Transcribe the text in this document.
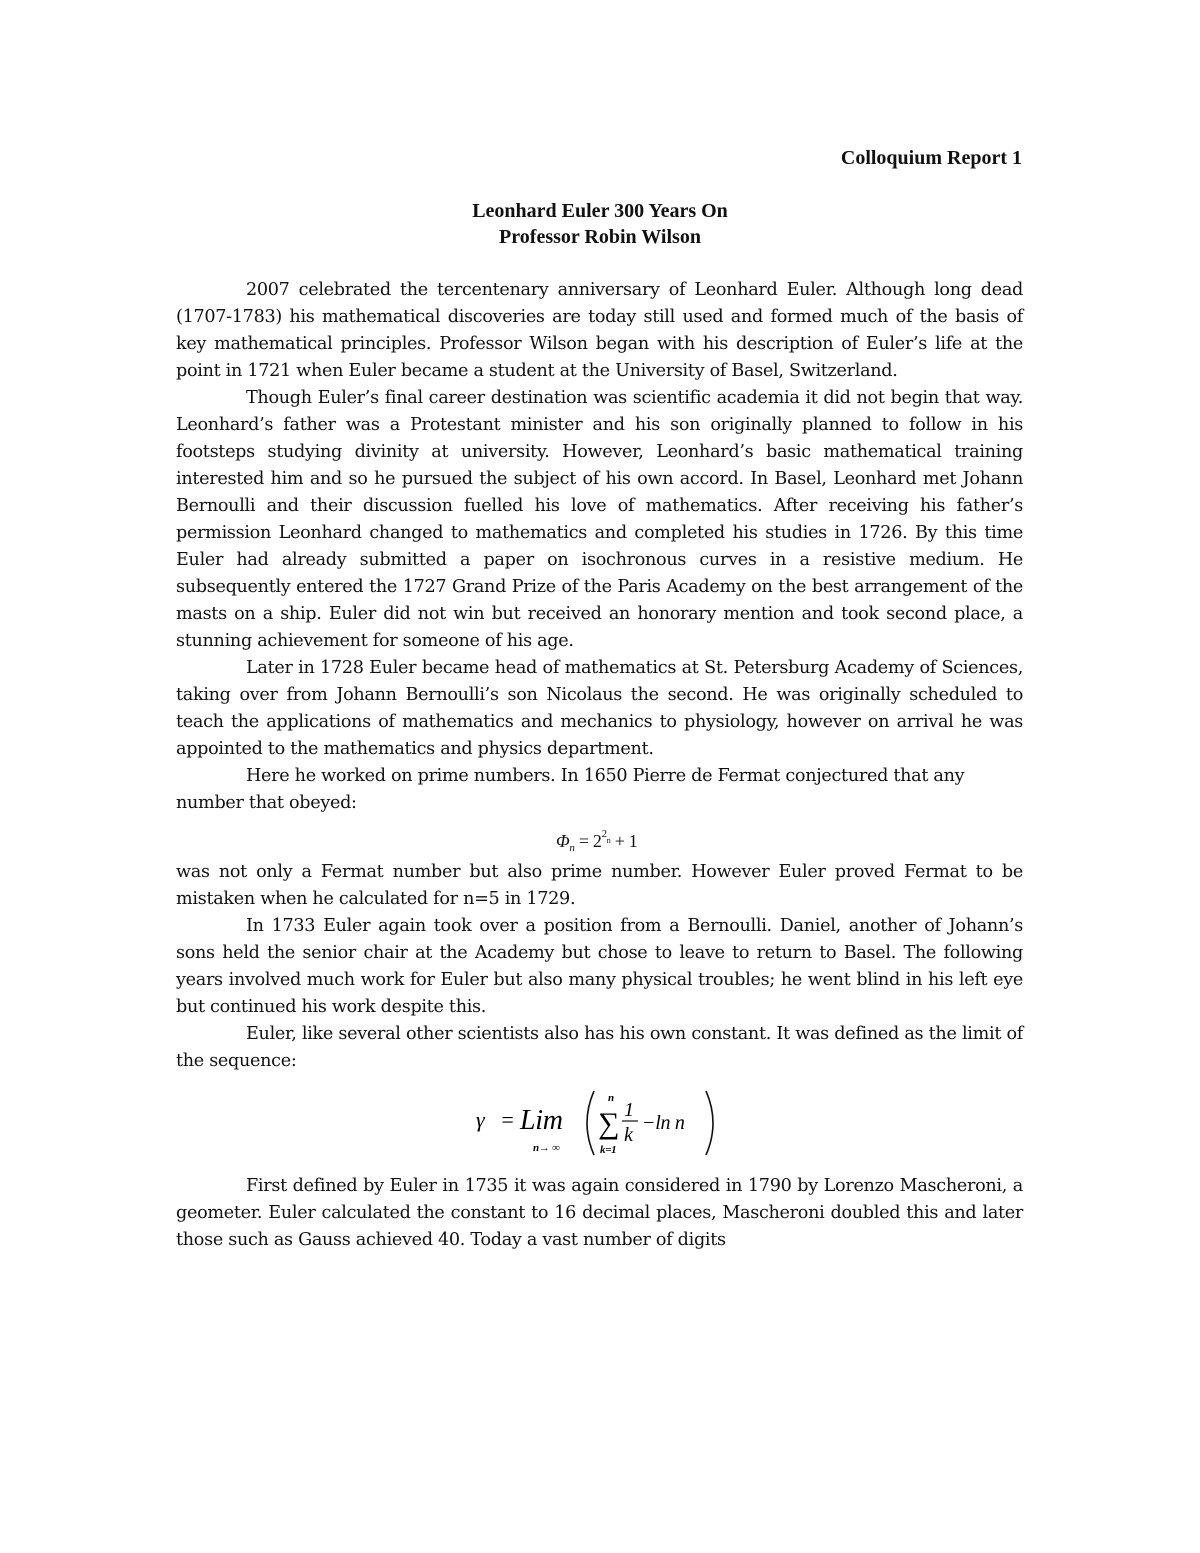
Colloquium Report 1
Leonhard Euler 300 Years On
Professor Robin Wilson

2007 celebrated the tercentenary anniversary of Leonhard Euler. Although long dead (1707-1783) his mathematical discoveries are today still used and formed much of the basis of key mathematical principles. Professor Wilson began with his description of Euler’s life at the point in 1721 when Euler became a student at the University of Basel, Switzerland.

Though Euler’s final career destination was scientific academia it did not begin that way. Leonhard’s father was a Protestant minister and his son originally planned to follow in his footsteps studying divinity at university. However, Leonhard’s basic mathematical training interested him and so he pursued the subject of his own accord. In Basel, Leonhard met Johann Bernoulli and their discussion fuelled his love of mathematics. After receiving his father’s permission Leonhard changed to mathematics and completed his studies in 1726. By this time Euler had already submitted a paper on isochronous curves in a resistive medium. He subsequently entered the 1727 Grand Prize of the Paris Academy on the best arrangement of the masts on a ship. Euler did not win but received an honorary mention and took second place, a stunning achievement for someone of his age.

Later in 1728 Euler became head of mathematics at St. Petersburg Academy of Sciences, taking over from Johann Bernoulli’s son Nicolaus the second. He was originally scheduled to teach the applications of mathematics and mechanics to physiology, however on arrival he was appointed to the mathematics and physics department.

Here he worked on prime numbers. In 1650 Pierre de Fermat conjectured that any number that obeyed:

$\Phi_n = 2^{2n} + 1$

was not only a Fermat number but also prime number. However Euler proved Fermat to be mistaken when he calculated for n=5 in 1729.

In 1733 Euler again took over a position from a Bernoulli. Daniel, another of Johann’s sons held the senior chair at the Academy but chose to leave to return to Basel. The following years involved much work for Euler but also many physical troubles; he went blind in his left eye but continued his work despite this.

Euler, like several other scientists also has his own constant. It was defined as the limit of the sequence:

γ = Lim
n→ ∞
n
∑
k=1
1
k
−ln n

First defined by Euler in 1735 it was again considered in 1790 by Lorenzo Mascheroni, a geometer. Euler calculated the constant to 16 decimal places, Mascheroni doubled this and later those such as Gauss achieved 40. Today a vast number of digits
